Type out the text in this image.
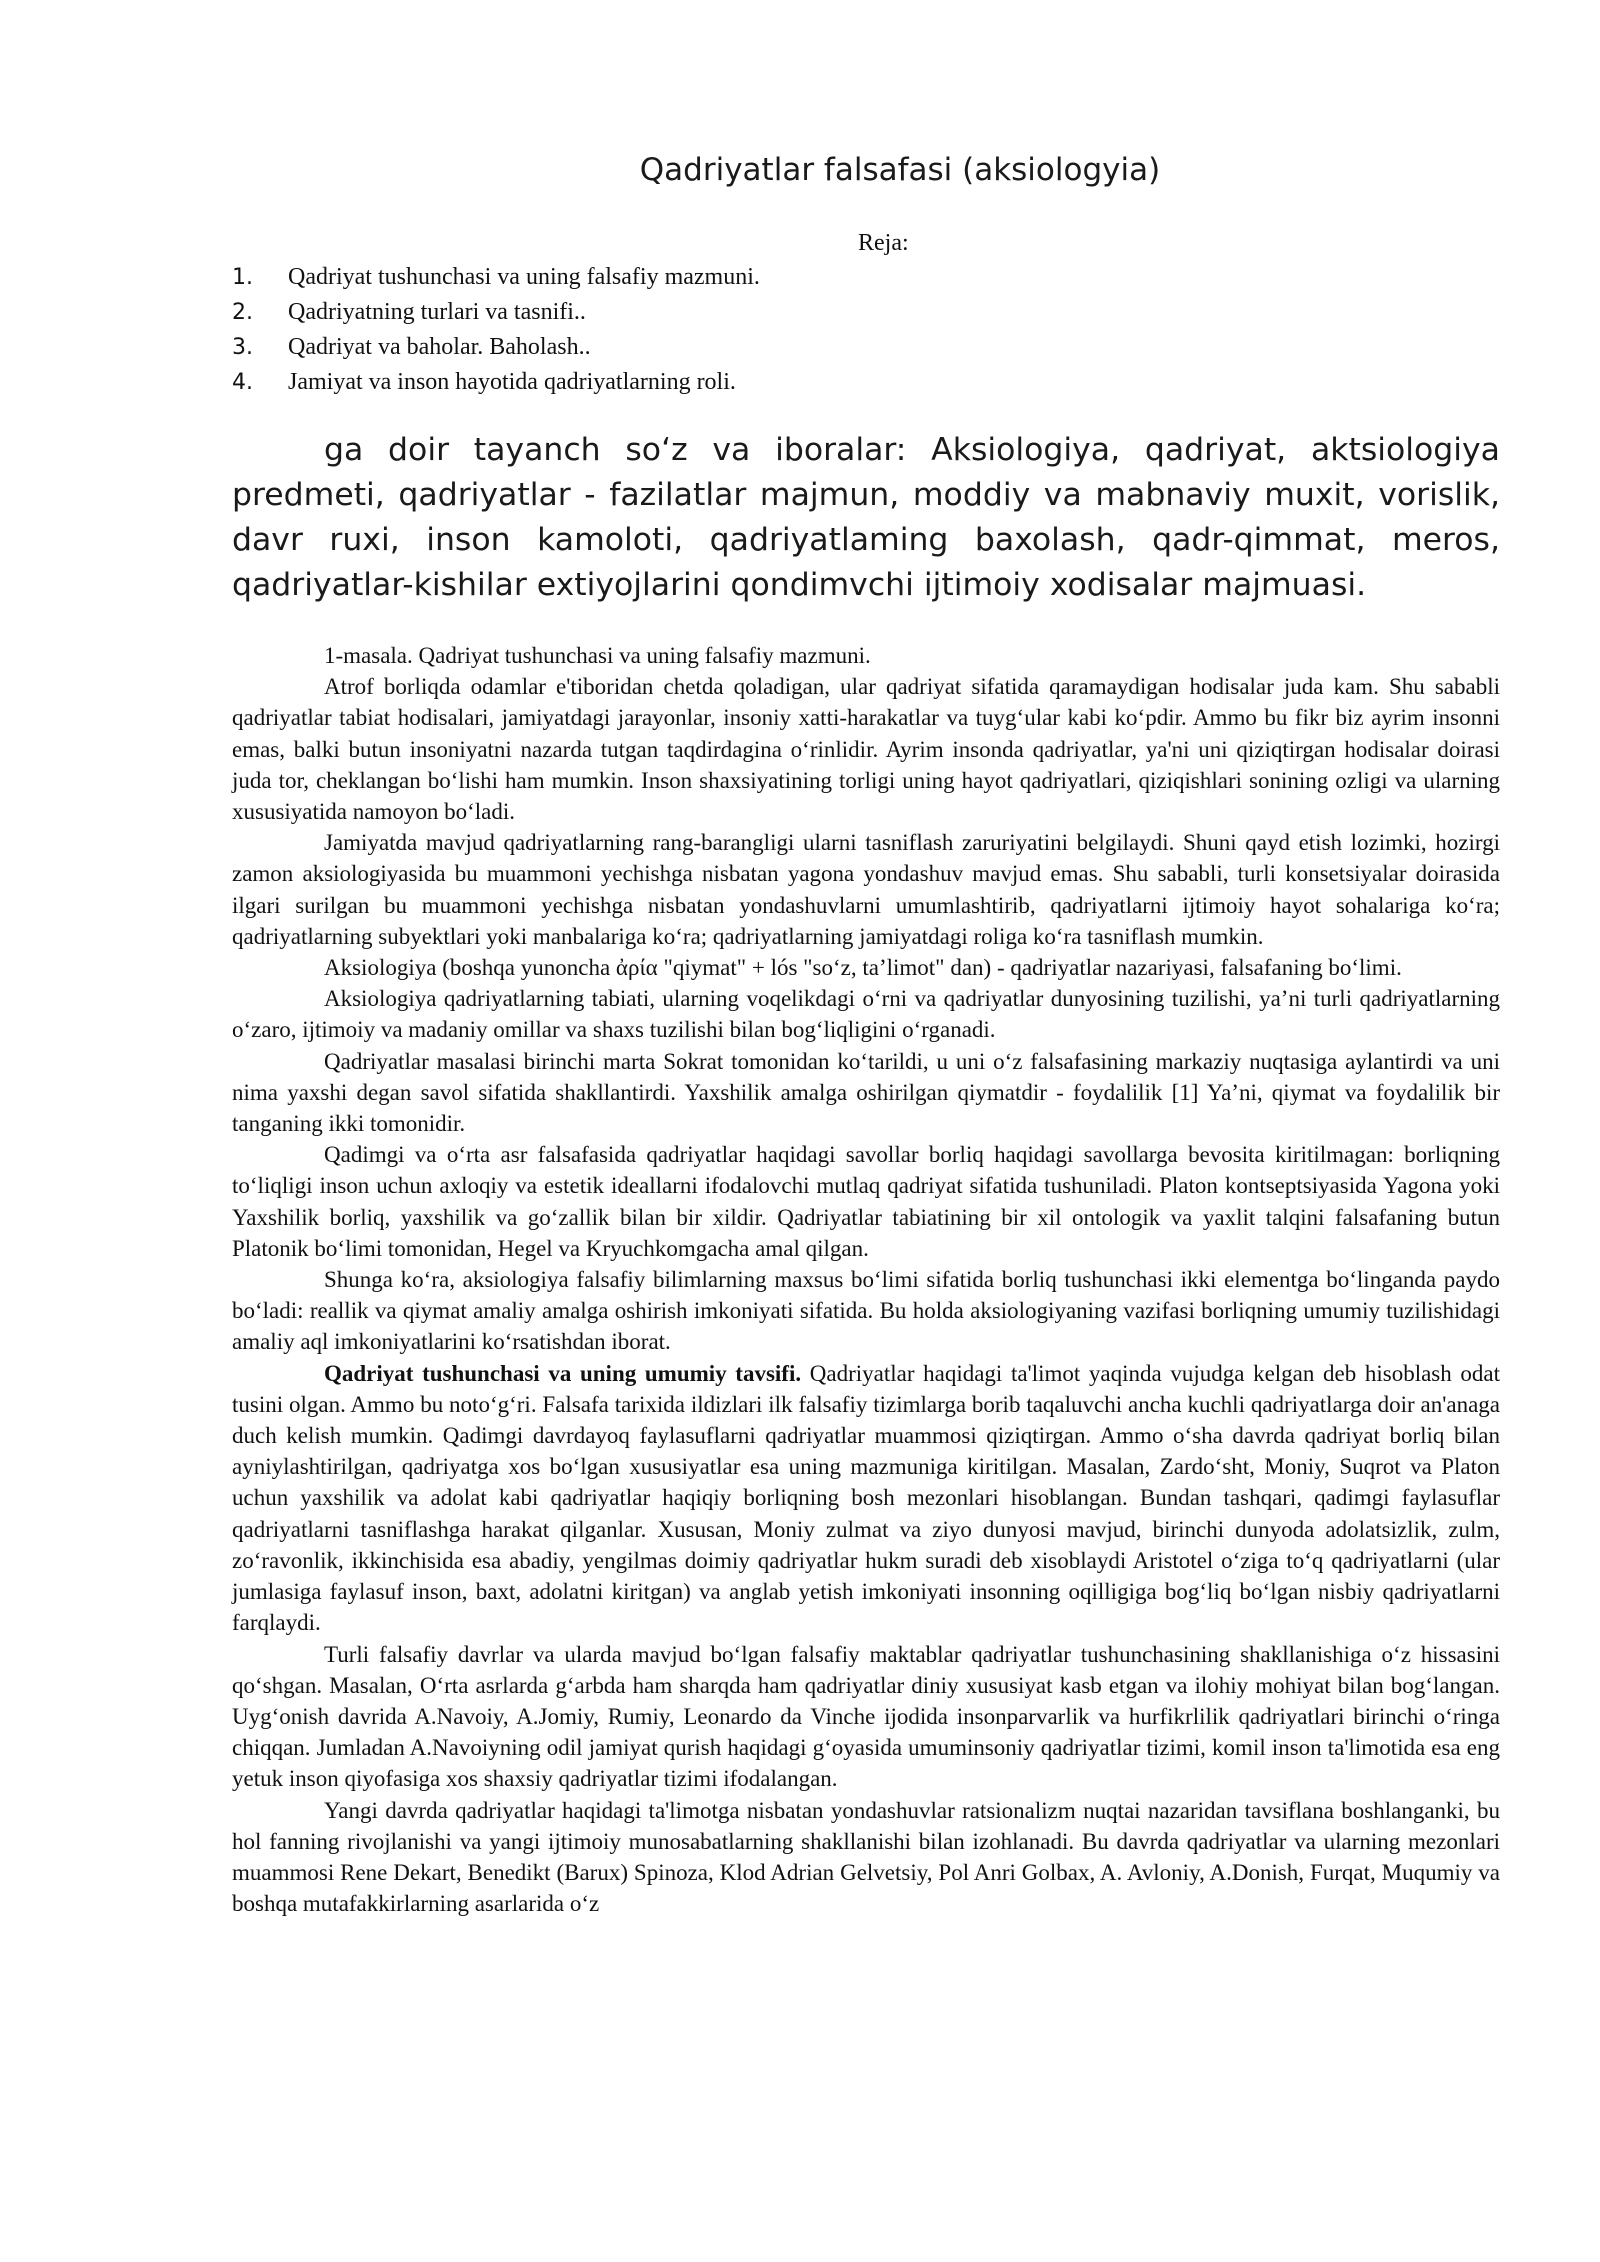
Qadriyatlar falsafasi (aksiologyia)
Reja:
1.	Qadriyat tushunchasi va uning falsafiy mazmuni.
2.	Qadriyatning turlari va tasnifi..
3.	Qadriyat va baholar. Baholash..
4.	Jamiyat va inson hayotida qadriyatlarning roli.
ga doir tayanch so‘z va iboralar: Aksiologiya, qadriyat, aktsiologiya predmeti, qadriyatlar - fazilatlar majmun, moddiy va mabnaviy muxit, vorislik, davr ruxi, inson kamoloti, qadriyatlaming baxolash, qadr-qimmat, meros, qadriyatlar-kishilar extiyojlarini qondimvchi ijtimoiy xodisalar majmuasi.

1-masala. Qadriyat tushunchasi va uning falsafiy mazmuni.

Atrof borliqda odamlar e'tiboridan chetda qoladigan, ular qadriyat sifatida qaramaydigan hodisalar juda kam. Shu sababli qadriyatlar tabiat hodisalari, jamiyatdagi jarayonlar, insoniy xatti-harakatlar va tuyg‘ular kabi ko‘pdir. Ammo bu fikr biz ayrim insonni emas, balki butun insoniyatni nazarda tutgan taqdirdagina o‘rinlidir. Ayrim insonda qadriyatlar, ya'ni uni qiziqtirgan hodisalar doirasi juda tor, cheklangan bo‘lishi ham mumkin. Inson shaxsiyatining torligi uning hayot qadriyatlari, qiziqishlari sonining ozligi va ularning xususiyatida namoyon bo‘ladi.

Jamiyatda mavjud qadriyatlarning rang-barangligi ularni tasniflash zaruriyatini belgilaydi. Shuni qayd etish lozimki, hozirgi zamon aksiologiyasida bu muammoni yechishga nisbatan yagona yondashuv mavjud emas. Shu sababli, turli konsetsiyalar doirasida ilgari surilgan bu muammoni yechishga nisbatan yondashuvlarni umumlashtirib, qadriyatlarni ijtimoiy hayot sohalariga ko‘ra; qadriyatlarning subyektlari yoki manbalariga ko‘ra; qadriyatlarning jamiyatdagi roliga ko‘ra tasniflash mumkin.

Aksiologiya (boshqa yunoncha ἀρία "qiymat" + lós "so‘z, ta’limot" dan) - qadriyatlar nazariyasi, falsafaning bo‘limi.

Aksiologiya qadriyatlarning tabiati, ularning voqelikdagi o‘rni va qadriyatlar dunyosining tuzilishi, ya’ni turli qadriyatlarning o‘zaro, ijtimoiy va madaniy omillar va shaxs tuzilishi bilan bog‘liqligini o‘rganadi.

Qadriyatlar masalasi birinchi marta Sokrat tomonidan ko‘tarildi, u uni o‘z falsafasining markaziy nuqtasiga aylantirdi va uni nima yaxshi degan savol sifatida shakllantirdi. Yaxshilik amalga oshirilgan qiymatdir - foydalilik [1] Ya’ni, qiymat va foydalilik bir tanganing ikki tomonidir.

Qadimgi va o‘rta asr falsafasida qadriyatlar haqidagi savollar borliq haqidagi savollarga bevosita kiritilmagan: borliqning to‘liqligi inson uchun axloqiy va estetik ideallarni ifodalovchi mutlaq qadriyat sifatida tushuniladi. Platon kontseptsiyasida Yagona yoki Yaxshilik borliq, yaxshilik va go‘zallik bilan bir xildir. Qadriyatlar tabiatining bir xil ontologik va yaxlit talqini falsafaning butun Platonik bo‘limi tomonidan, Hegel va Kryuchkomgacha amal qilgan.

Shunga ko‘ra, aksiologiya falsafiy bilimlarning maxsus bo‘limi sifatida borliq tushunchasi ikki elementga bo‘linganda paydo bo‘ladi: reallik va qiymat amaliy amalga oshirish imkoniyati sifatida. Bu holda aksiologiyaning vazifasi borliqning umumiy tuzilishidagi amaliy aql imkoniyatlarini ko‘rsatishdan iborat.

Qadriyat tushunchasi va uning umumiy tavsifi. Qadriyatlar haqidagi ta'limot yaqinda vujudga kelgan deb hisoblash odat tusini olgan. Ammo bu noto‘g‘ri. Falsafa tarixida ildizlari ilk falsafiy tizimlarga borib taqaluvchi ancha kuchli qadriyatlarga doir an'anaga duch kelish mumkin. Qadimgi davrdayoq faylasuflarni qadriyatlar muammosi qiziqtirgan. Ammo o‘sha davrda qadriyat borliq bilan ayniylashtirilgan, qadriyatga xos bo‘lgan xususiyatlar esa uning mazmuniga kiritilgan. Masalan, Zardo‘sht, Moniy, Suqrot va Platon uchun yaxshilik va adolat kabi qadriyatlar haqiqiy borliqning bosh mezonlari hisoblangan. Bundan tashqari, qadimgi faylasuflar qadriyatlarni tasniflashga harakat qilganlar. Xususan, Moniy zulmat va ziyo dunyosi mavjud, birinchi dunyoda adolatsizlik, zulm, zo‘ravonlik, ikkinchisida esa abadiy, yengilmas doimiy qadriyatlar hukm suradi deb xisoblaydi Aristotel o‘ziga to‘q qadriyatlarni (ular jumlasiga faylasuf inson, baxt, adolatni kiritgan) va anglab yetish imkoniyati insonning oqilligiga bog‘liq bo‘lgan nisbiy qadriyatlarni farqlaydi.

Turli falsafiy davrlar va ularda mavjud bo‘lgan falsafiy maktablar qadriyatlar tushunchasining shakllanishiga o‘z hissasini qo‘shgan. Masalan, O‘rta asrlarda g‘arbda ham sharqda ham qadriyatlar diniy xususiyat kasb etgan va ilohiy mohiyat bilan bog‘langan. Uyg‘onish davrida A.Navoiy, A.Jomiy, Rumiy, Leonardo da Vinche ijodida insonparvarlik va hurfikrlilik qadriyatlari birinchi o‘ringa chiqqan. Jumladan A.Navoiyning odil jamiyat qurish haqidagi g‘oyasida umuminsoniy qadriyatlar tizimi, komil inson ta'limotida esa eng yetuk inson qiyofasiga xos shaxsiy qadriyatlar tizimi ifodalangan.

Yangi davrda qadriyatlar haqidagi ta'limotga nisbatan yondashuvlar ratsionalizm nuqtai nazaridan tavsiflana boshlanganki, bu hol fanning rivojlanishi va yangi ijtimoiy munosabatlarning shakllanishi bilan izohlanadi. Bu davrda qadriyatlar va ularning mezonlari muammosi Rene Dekart, Benedikt (Barux) Spinoza, Klod Adrian Gelvetsiy, Pol Anri Golbax, A. Avloniy, A.Donish, Furqat, Muqumiy va boshqa mutafakkirlarning asarlarida o‘z
